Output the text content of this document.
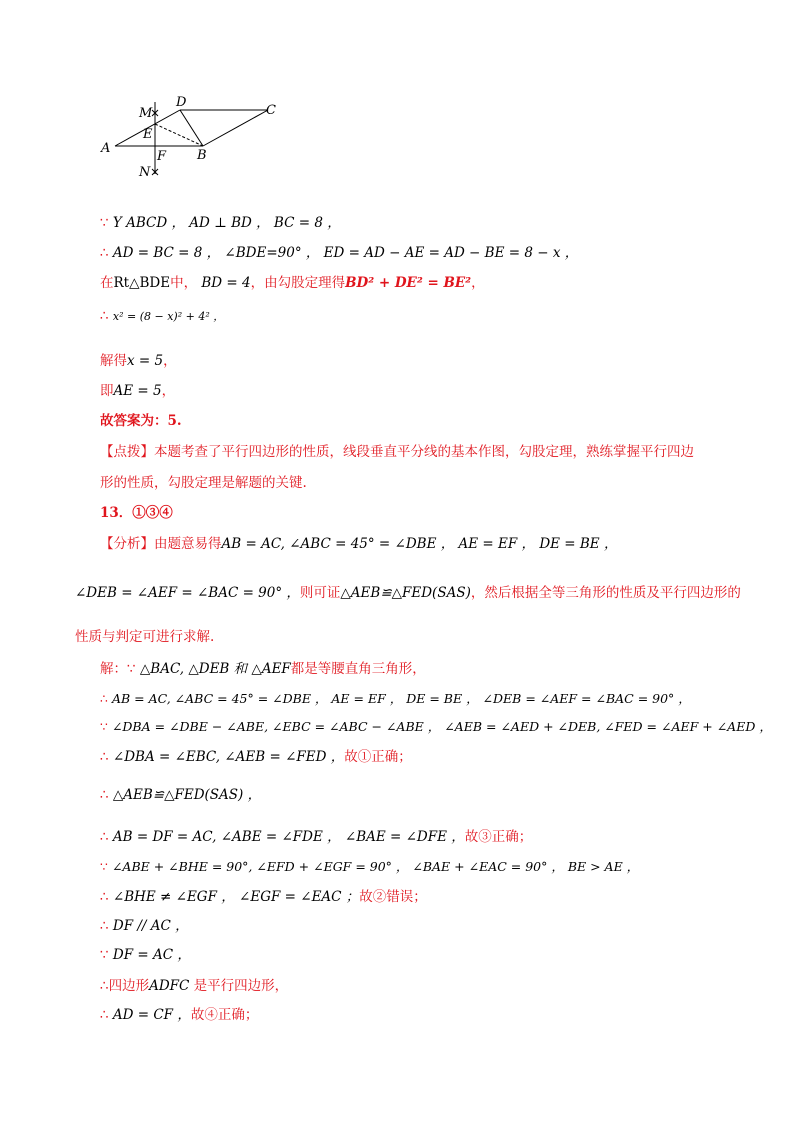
M
D
C
E
A
F B
N
∵ Y ABCD ， AD ⊥ BD ， BC = 8 ，
∴ AD = BC = 8 ， ∠BDE=90° ， ED = AD − AE = AD − BE = 8 − x ，
在Rt△BDE中， BD = 4，由勾股定理得BD² + DE² = BE²，
∴ x² = (8 − x)² + 4² ，
解得x = 5，
即AE = 5，
故答案为：5.
【点拨】本题考查了平行四边形的性质，线段垂直平分线的基本作图，勾股定理，熟练掌握平行四边
形的性质，勾股定理是解题的关键.
13．①③④
【分析】由题意易得AB = AC, ∠ABC = 45° = ∠DBE ， AE = EF ， DE = BE ，
∠DEB = ∠AEF = ∠BAC = 90° ，则可证△AEB≌△FED(SAS)，然后根据全等三角形的性质及平行四边形的
性质与判定可进行求解.
解：∵ △BAC, △DEB 和 △AEF都是等腰直角三角形，
∴ AB = AC, ∠ABC = 45° = ∠DBE ， AE = EF ， DE = BE ， ∠DEB = ∠AEF = ∠BAC = 90° ，
∵ ∠DBA = ∠DBE − ∠ABE, ∠EBC = ∠ABC − ∠ABE ， ∠AEB = ∠AED + ∠DEB, ∠FED = ∠AEF + ∠AED ，
∴ ∠DBA = ∠EBC, ∠AEB = ∠FED ，故①正确；
∴ △AEB≌△FED(SAS) ，
∴ AB = DF = AC, ∠ABE = ∠FDE ， ∠BAE = ∠DFE ，故③正确；
∵ ∠ABE + ∠BHE = 90°, ∠EFD + ∠EGF = 90° ， ∠BAE + ∠EAC = 90° ， BE > AE ，
∴ ∠BHE ≠ ∠EGF ， ∠EGF = ∠EAC ；故②错误；
∴ DF // AC ，
∵ DF = AC ，
∴四边形ADFC 是平行四边形，
∴ AD = CF ，故④正确；
